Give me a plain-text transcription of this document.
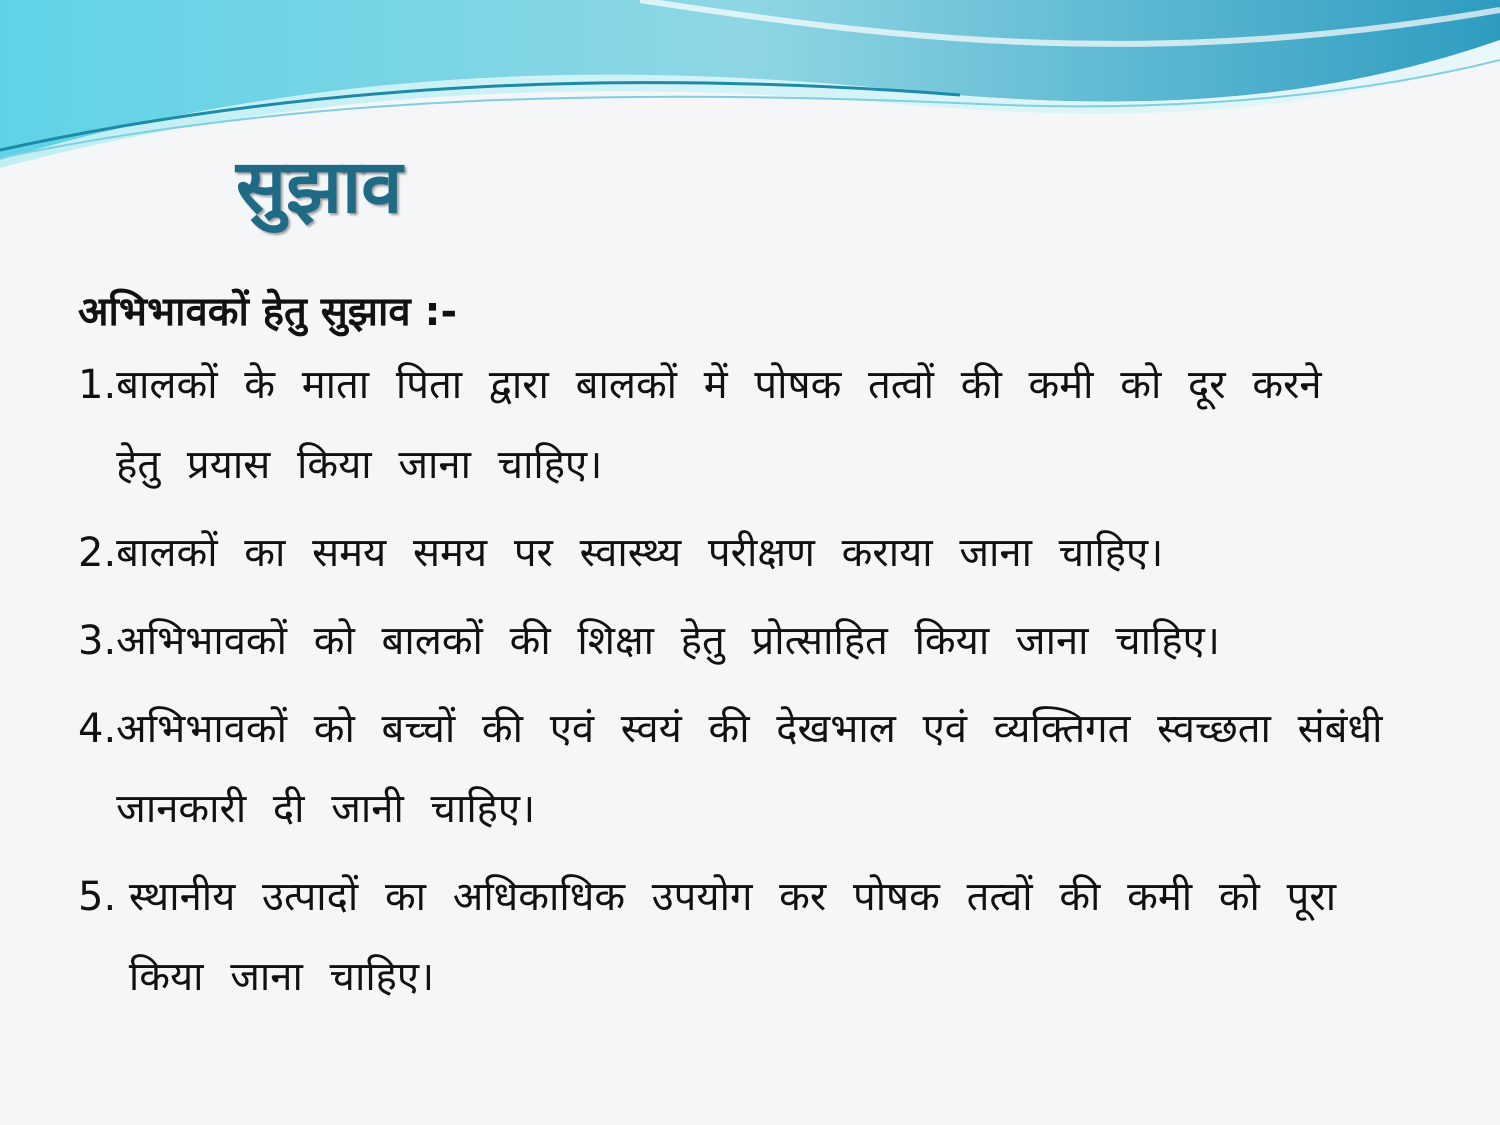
सुझाव
अभिभावकों हेतु सुझाव :-
1. बालकों के माता पिता द्वारा बालकों में पोषक तत्वों की कमी को दूर करने हेतु प्रयास किया जाना चाहिए।
2. बालकों का समय समय पर स्वास्थ्य परीक्षण कराया जाना चाहिए।
3. अभिभावकों को बालकों की शिक्षा हेतु प्रोत्साहित किया जाना चाहिए।
4. अभिभावकों को बच्चों की एवं स्वयं की देखभाल एवं व्यक्तिगत स्वच्छता संबंधी जानकारी दी जानी चाहिए।
5. स्थानीय उत्पादों का अधिकाधिक उपयोग कर पोषक तत्वों की कमी को पूरा किया जाना चाहिए।
